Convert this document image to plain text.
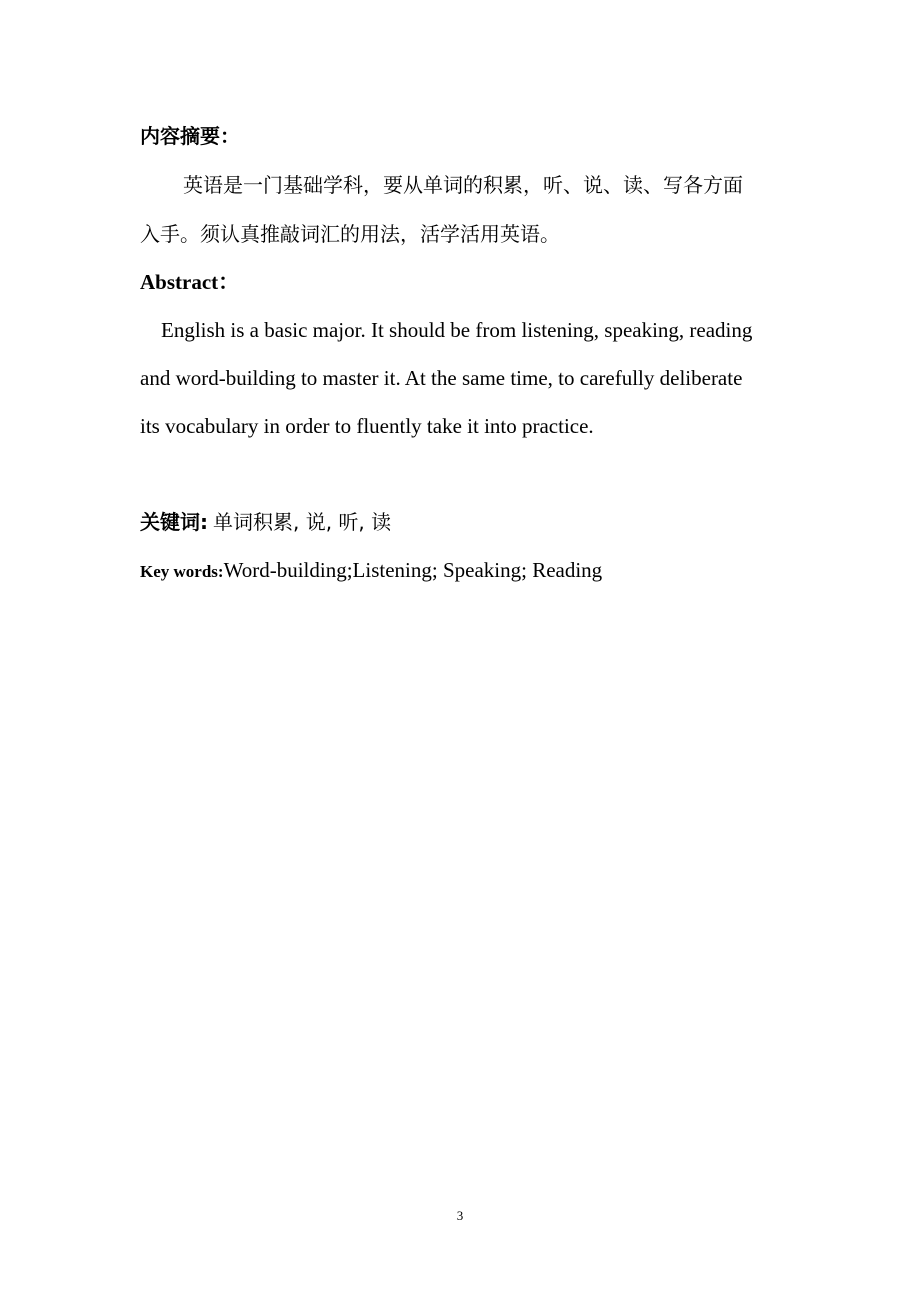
内容摘要：
英语是一门基础学科，要从单词的积累，听、说、读、写各方面
入手。须认真推敲词汇的用法，活学活用英语。
Abstract：
English is a basic major. It should be from listening, speaking, reading
and word-building to master it. At the same time, to carefully deliberate
its vocabulary in order to fluently take it into practice.
关键词: 单词积累, 说, 听, 读
Key words:Word-building;Listening; Speaking; Reading
3
